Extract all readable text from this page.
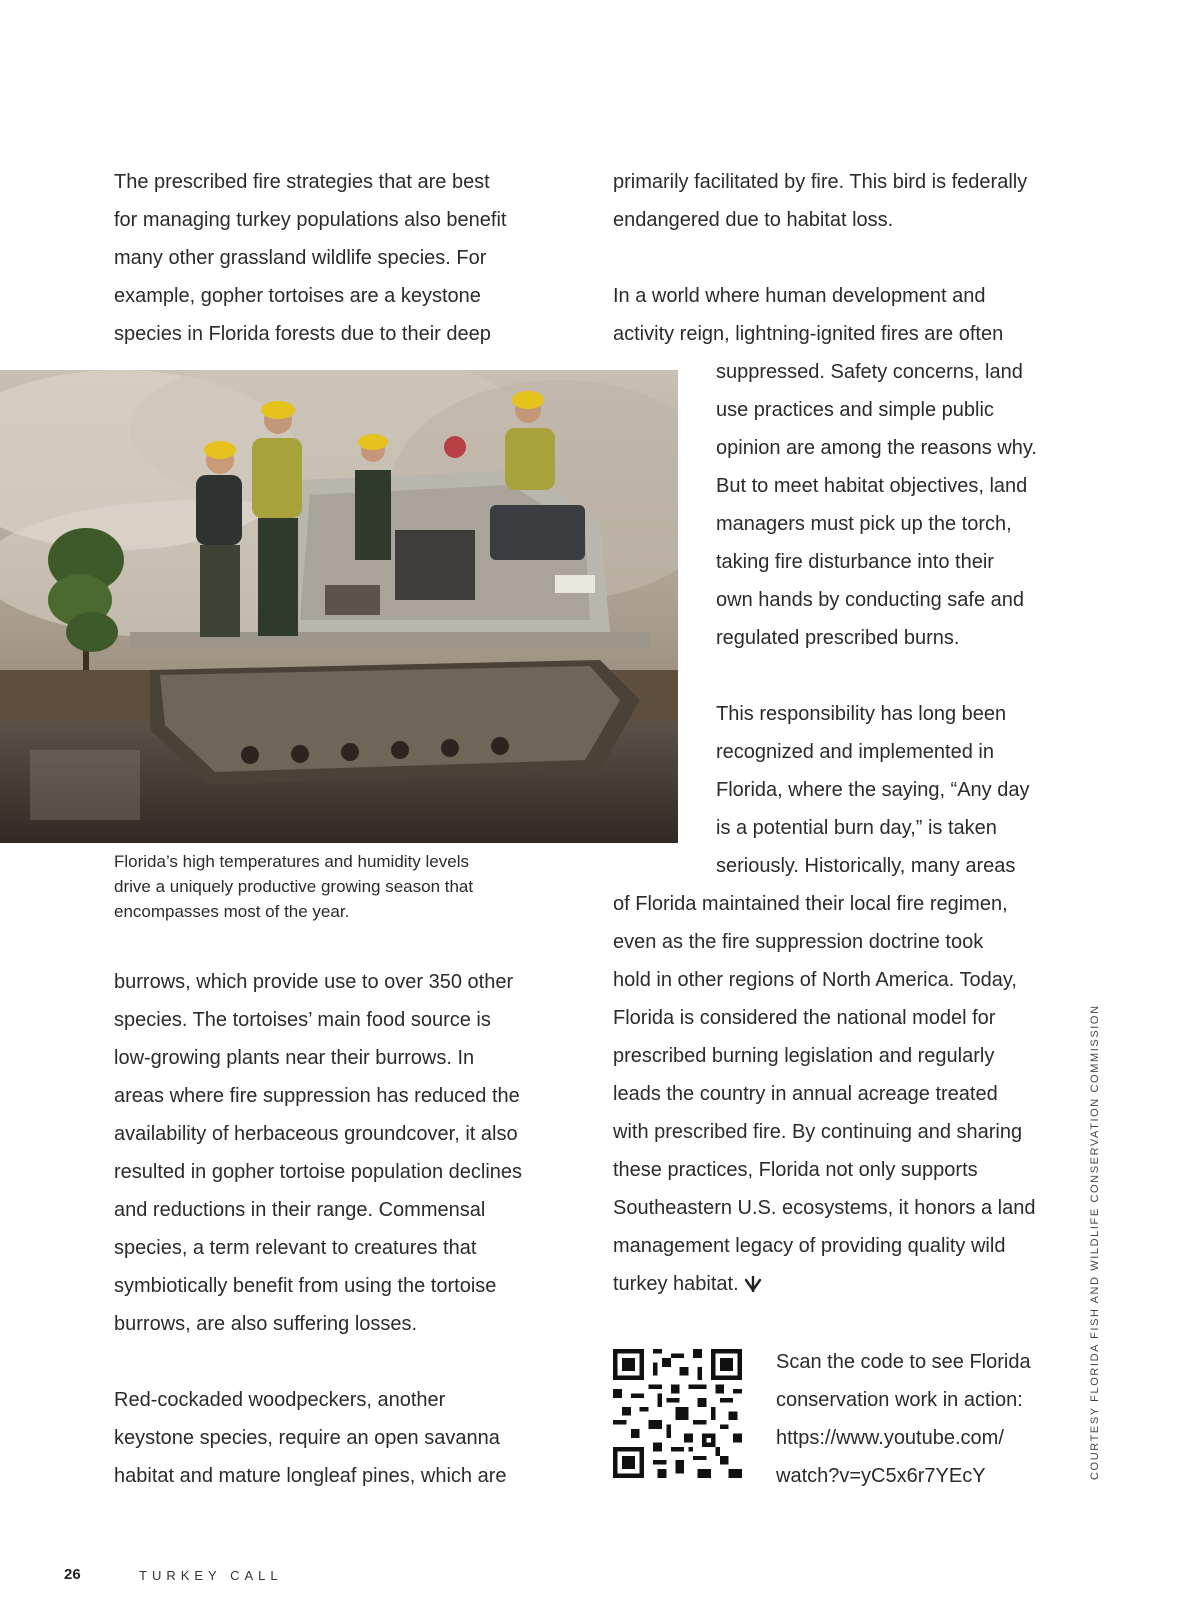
The prescribed fire strategies that are best
for managing turkey populations also benefit
many other grassland wildlife species. For
example, gopher tortoises are a keystone
species in Florida forests due to their deep

Florida’s high temperatures and humidity levels
drive a uniquely productive growing season that
encompasses most of the year.

burrows, which provide use to over 350 other
species. The tortoises’ main food source is
low-growing plants near their burrows. In
areas where fire suppression has reduced the
availability of herbaceous groundcover, it also
resulted in gopher tortoise population declines
and reductions in their range. Commensal
species, a term relevant to creatures that
symbiotically benefit from using the tortoise
burrows, are also suffering losses.

Red-cockaded woodpeckers, another
keystone species, require an open savanna
habitat and mature longleaf pines, which are

primarily facilitated by fire. This bird is federally
endangered due to habitat loss.

In a world where human development and
activity reign, lightning-ignited fires are often

suppressed. Safety concerns, land
use practices and simple public
opinion are among the reasons why.
But to meet habitat objectives, land
managers must pick up the torch,
taking fire disturbance into their
own hands by conducting safe and
regulated prescribed burns.

This responsibility has long been
recognized and implemented in
Florida, where the saying, “Any day
is a potential burn day,” is taken
seriously. Historically, many areas

of Florida maintained their local fire regimen,
even as the fire suppression doctrine took
hold in other regions of North America. Today,
Florida is considered the national model for
prescribed burning legislation and regularly
leads the country in annual acreage treated
with prescribed fire. By continuing and sharing
these practices, Florida not only supports
Southeastern U.S. ecosystems, it honors a land
management legacy of providing quality wild
turkey habitat.

Scan the code to see Florida
conservation work in action:
https://www.youtube.com/
watch?v=yC5x6r7YEcY	COURTESY FLORIDA FISH AND WILDLIFE CONSERVATION COMMISSION
26	TURKEY CALL
